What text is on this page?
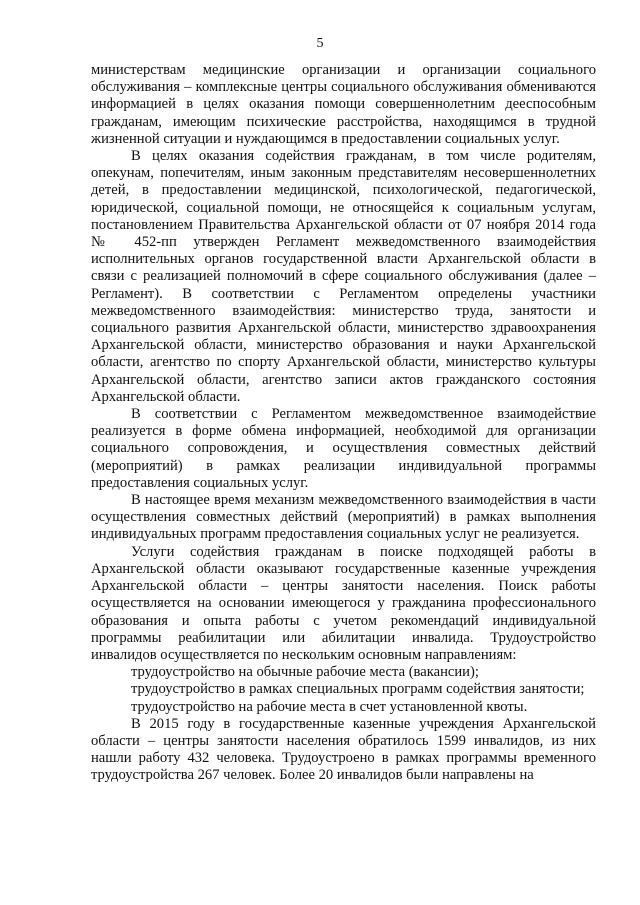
5

министерствам медицинские организации и организации социального обслуживания – комплексные центры социального обслуживания обмениваются информацией в целях оказания помощи совершеннолетним дееспособным гражданам, имеющим психические расстройства, находящимся в трудной жизненной ситуации и нуждающимся в предоставлении социальных услуг.

В целях оказания содействия гражданам, в том числе родителям, опекунам, попечителям, иным законным представителям несовершеннолетних детей, в предоставлении медицинской, психологической, педагогической, юридической, социальной помощи, не относящейся к социальным услугам, постановлением Правительства Архангельской области от 07 ноября 2014 года № 452-пп утвержден Регламент межведомственного взаимодействия исполнительных органов государственной власти Архангельской области в связи с реализацией полномочий в сфере социального обслуживания (далее – Регламент). В соответствии с Регламентом определены участники межведомственного взаимодействия: министерство труда, занятости и социального развития Архангельской области, министерство здравоохранения Архангельской области, министерство образования и науки Архангельской области, агентство по спорту Архангельской области, министерство культуры Архангельской области, агентство записи актов гражданского состояния Архангельской области.

В соответствии с Регламентом межведомственное взаимодействие реализуется в форме обмена информацией, необходимой для организации социального сопровождения, и осуществления совместных действий (мероприятий) в рамках реализации индивидуальной программы предоставления социальных услуг.

В настоящее время механизм межведомственного взаимодействия в части осуществления совместных действий (мероприятий) в рамках выполнения индивидуальных программ предоставления социальных услуг не реализуется.

Услуги содействия гражданам в поиске подходящей работы в Архангельской области оказывают государственные казенные учреждения Архангельской области – центры занятости населения. Поиск работы осуществляется на основании имеющегося у гражданина профессионального образования и опыта работы с учетом рекомендаций индивидуальной программы реабилитации или абилитации инвалида. Трудоустройство инвалидов осуществляется по нескольким основным направлениям:

трудоустройство на обычные рабочие места (вакансии);

трудоустройство в рамках специальных программ содействия занятости;

трудоустройство на рабочие места в счет установленной квоты.

В 2015 году в государственные казенные учреждения Архангельской области – центры занятости населения обратилось 1599 инвалидов, из них нашли работу 432 человека. Трудоустроено в рамках программы временного трудоустройства 267 человек. Более 20 инвалидов были направлены на
